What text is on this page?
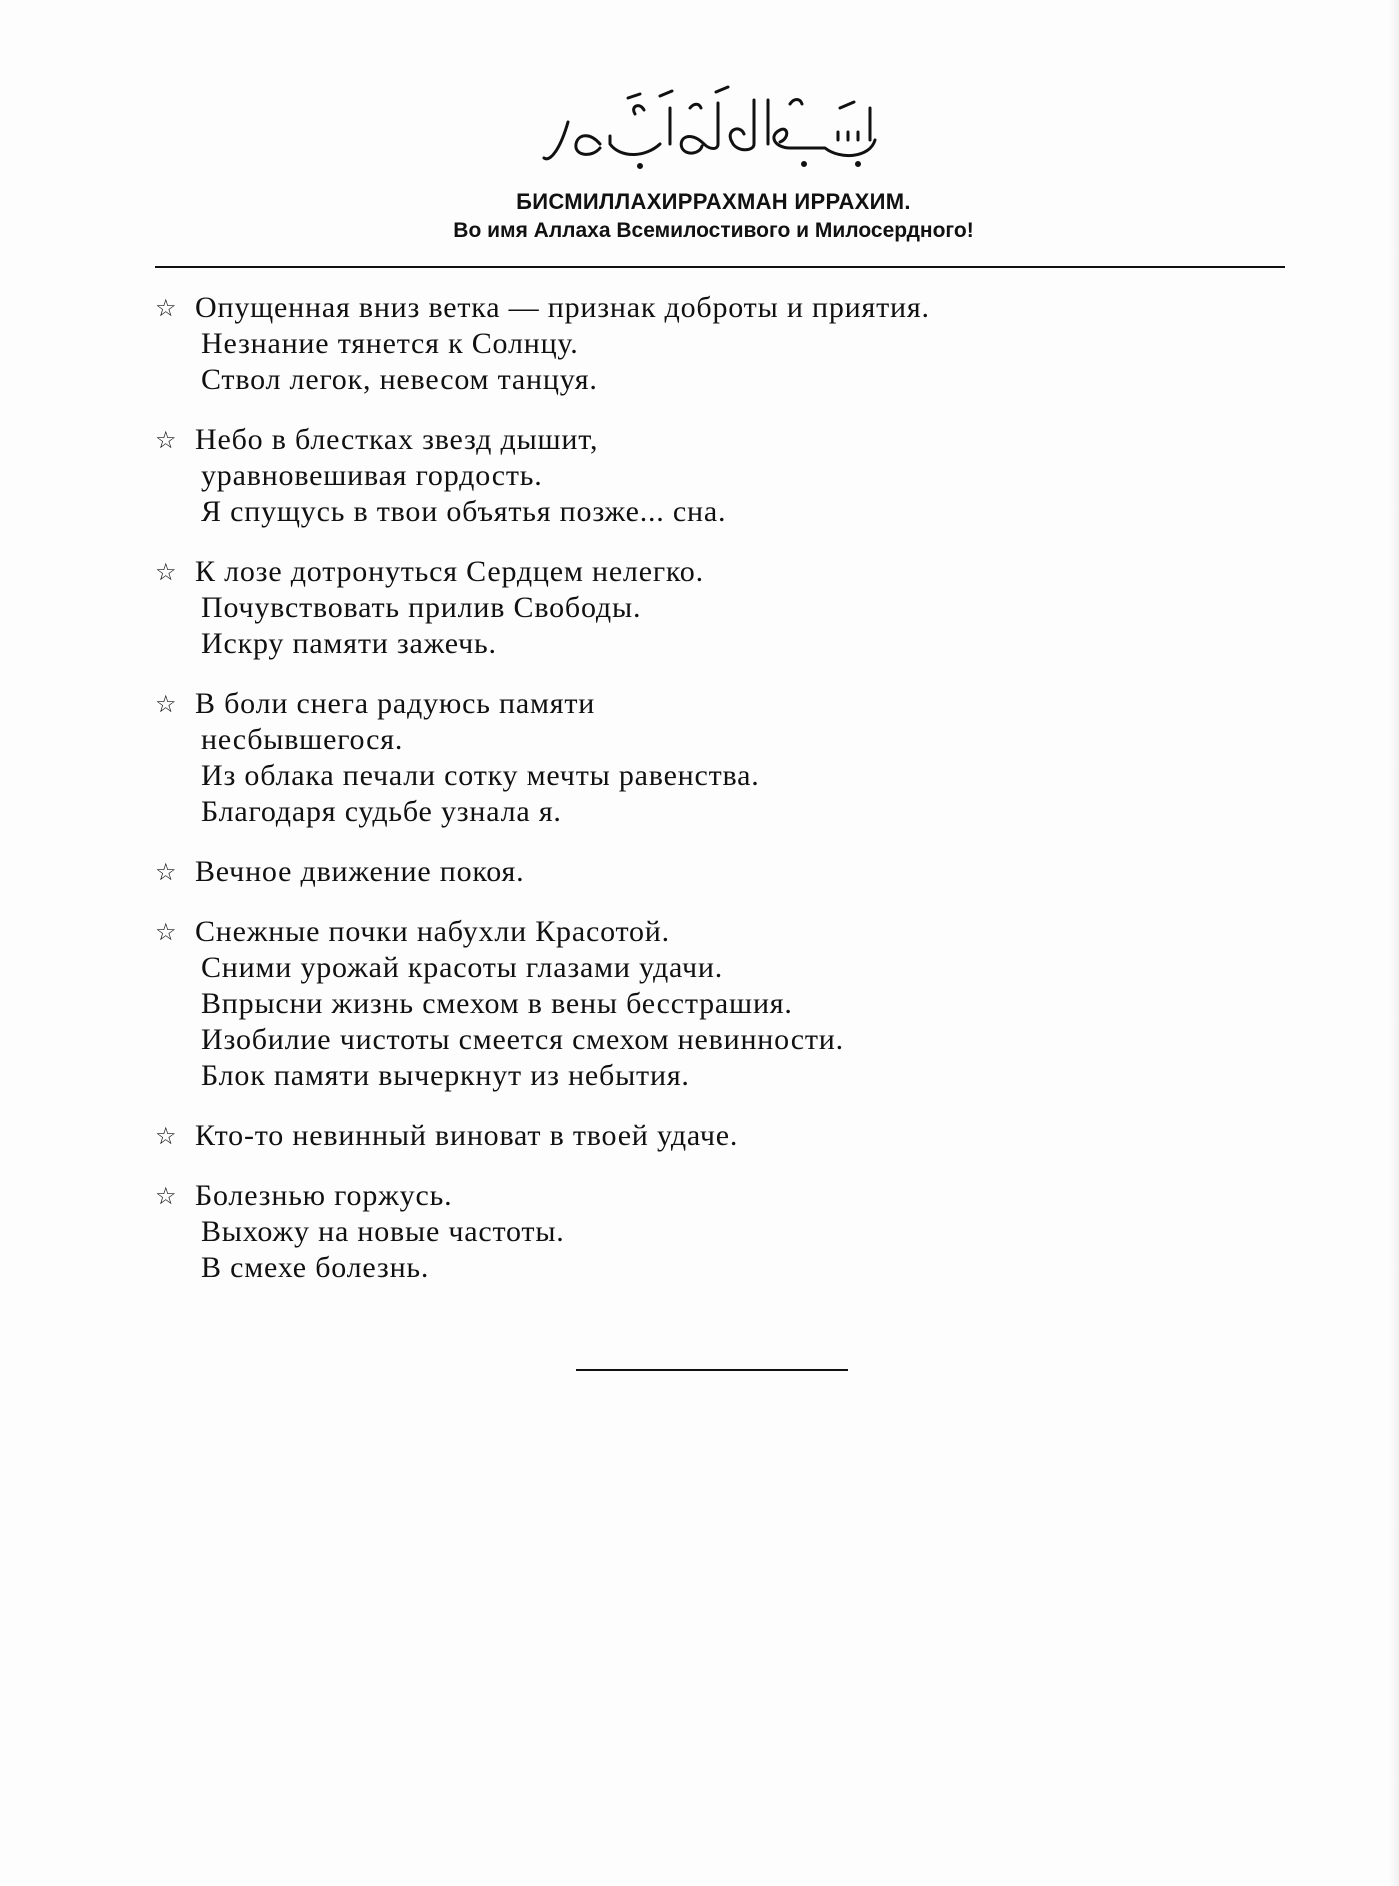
БИСМИЛЛАХИРРАХМАН ИРРАХИМ.
Во имя Аллаха Всемилостивого и Милосердного!
☆ Опущенная вниз ветка — признак доброты и приятия.
Незнание тянется к Солнцу.
Ствол легок, невесом танцуя.
☆ Небо в блестках звезд дышит,
уравновешивая гордость.
Я спущусь в твои объятья позже... сна.
☆ К лозе дотронуться Сердцем нелегко.
Почувствовать прилив Свободы.
Искру памяти зажечь.
☆ В боли снега радуюсь памяти
несбывшегося.
Из облака печали сотку мечты равенства.
Благодаря судьбе узнала я.
☆ Вечное движение покоя.
☆ Снежные почки набухли Красотой.
Сними урожай красоты глазами удачи.
Впрысни жизнь смехом в вены бесстрашия.
Изобилие чистоты смеется смехом невинности.
Блок памяти вычеркнут из небытия.
☆ Кто-то невинный виноват в твоей удаче.
☆ Болезнью горжусь.
Выхожу на новые частоты.
В смехе болезнь.
